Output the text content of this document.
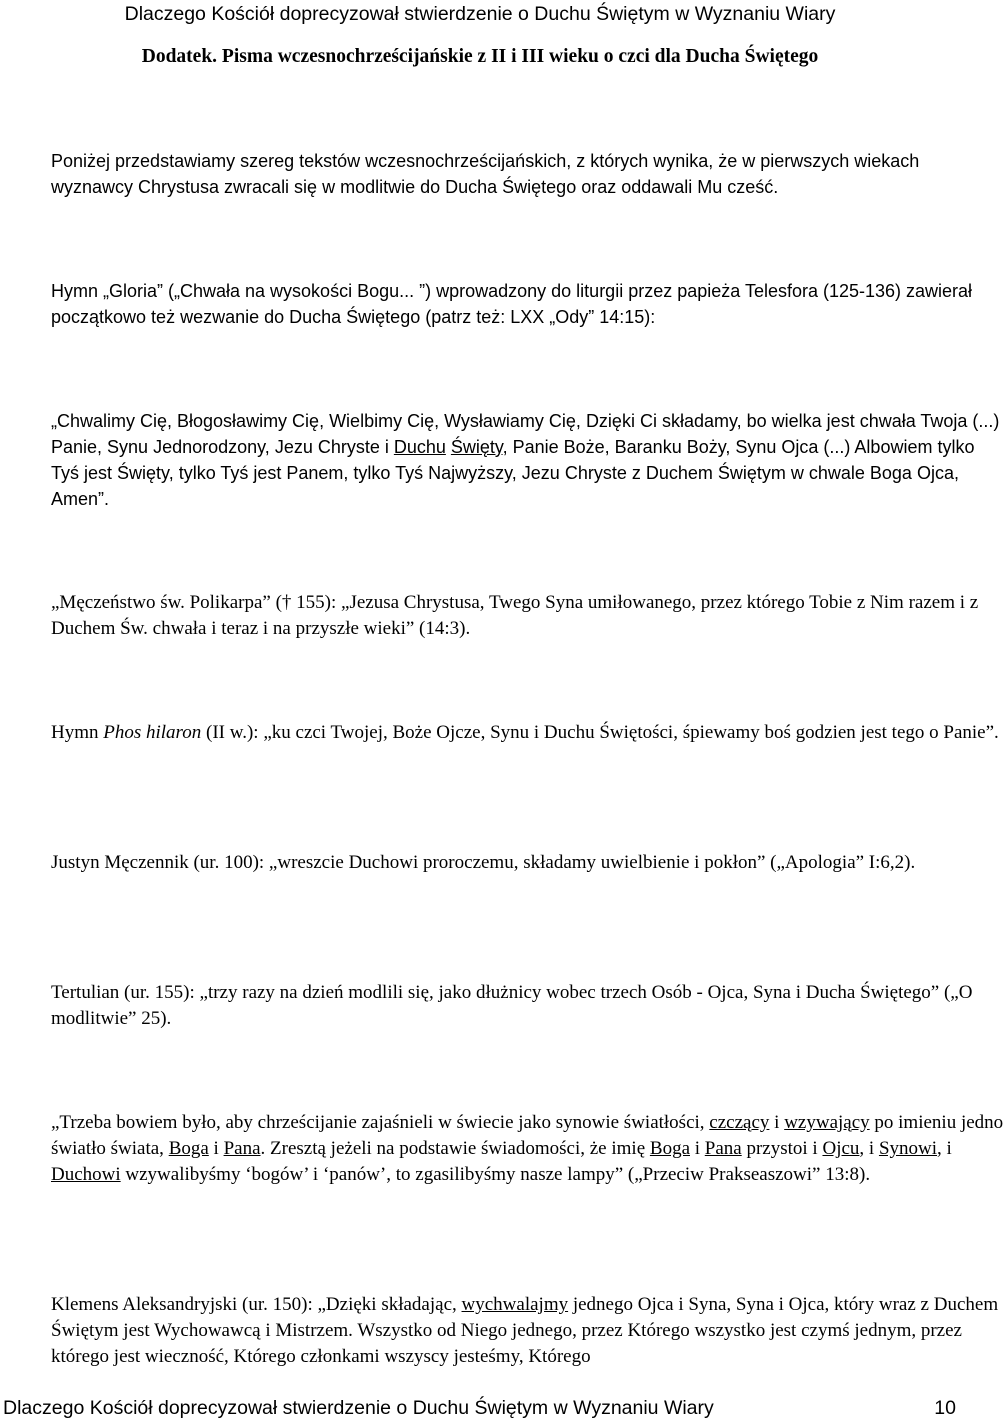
Dlaczego Kościół doprecyzował stwierdzenie o Duchu Świętym w Wyznaniu Wiary
Dodatek. Pisma wczesnochrześcijańskie z II i III wieku o czci dla Ducha Świętego

Poniżej przedstawiamy szereg tekstów wczesnochrześcijańskich, z których wynika, że w pierwszych wiekach wyznawcy Chrystusa zwracali się w modlitwie do Ducha Świętego oraz oddawali Mu cześć.

Hymn „Gloria” („Chwała na wysokości Bogu... ”) wprowadzony do liturgii przez papieża Telesfora (125-136) zawierał początkowo też wezwanie do Ducha Świętego (patrz też: LXX „Ody” 14:15):

„Chwalimy Cię, Błogosławimy Cię, Wielbimy Cię, Wysławiamy Cię, Dzięki Ci składamy, bo wielka jest chwała Twoja (...) Panie, Synu Jednorodzony, Jezu Chryste i Duchu Święty, Panie Boże, Baranku Boży, Synu Ojca (...) Albowiem tylko Tyś jest Święty, tylko Tyś jest Panem, tylko Tyś Najwyższy, Jezu Chryste z Duchem Świętym w chwale Boga Ojca, Amen”.

„Męczeństwo św. Polikarpa” († 155): „Jezusa Chrystusa, Twego Syna umiłowanego, przez którego Tobie z Nim razem i z Duchem Św. chwała i teraz i na przyszłe wieki” (14:3).

Hymn Phos hilaron (II w.): „ku czci Twojej, Boże Ojcze, Synu i Duchu Świętości, śpiewamy boś godzien jest tego o Panie”.

Justyn Męczennik (ur. 100): „wreszcie Duchowi proroczemu, składamy uwielbienie i pokłon” („Apologia” I:6,2).

Tertulian (ur. 155): „trzy razy na dzień modlili się, jako dłużnicy wobec trzech Osób - Ojca, Syna i Ducha Świętego” („O modlitwie” 25).

„Trzeba bowiem było, aby chrześcijanie zajaśnieli w świecie jako synowie światłości, czczący i wzywający po imieniu jedno światło świata, Boga i Pana. Zresztą jeżeli na podstawie świadomości, że imię Boga i Pana przystoi i Ojcu, i Synowi, i Duchowi wzywalibyśmy ‘bogów’ i ‘panów’, to zgasilibyśmy nasze lampy” („Przeciw Prakseaszowi” 13:8).

Klemens Aleksandryjski (ur. 150): „Dzięki składając, wychwalajmy jednego Ojca i Syna, Syna i Ojca, który wraz z Duchem Świętym jest Wychowawcą i Mistrzem. Wszystko od Niego jednego, przez Którego wszystko jest czymś jednym, przez którego jest wieczność, Którego członkami wszyscy jesteśmy, Którego

Dlaczego Kościół doprecyzował stwierdzenie o Duchu Świętym w Wyznaniu Wiary	10
